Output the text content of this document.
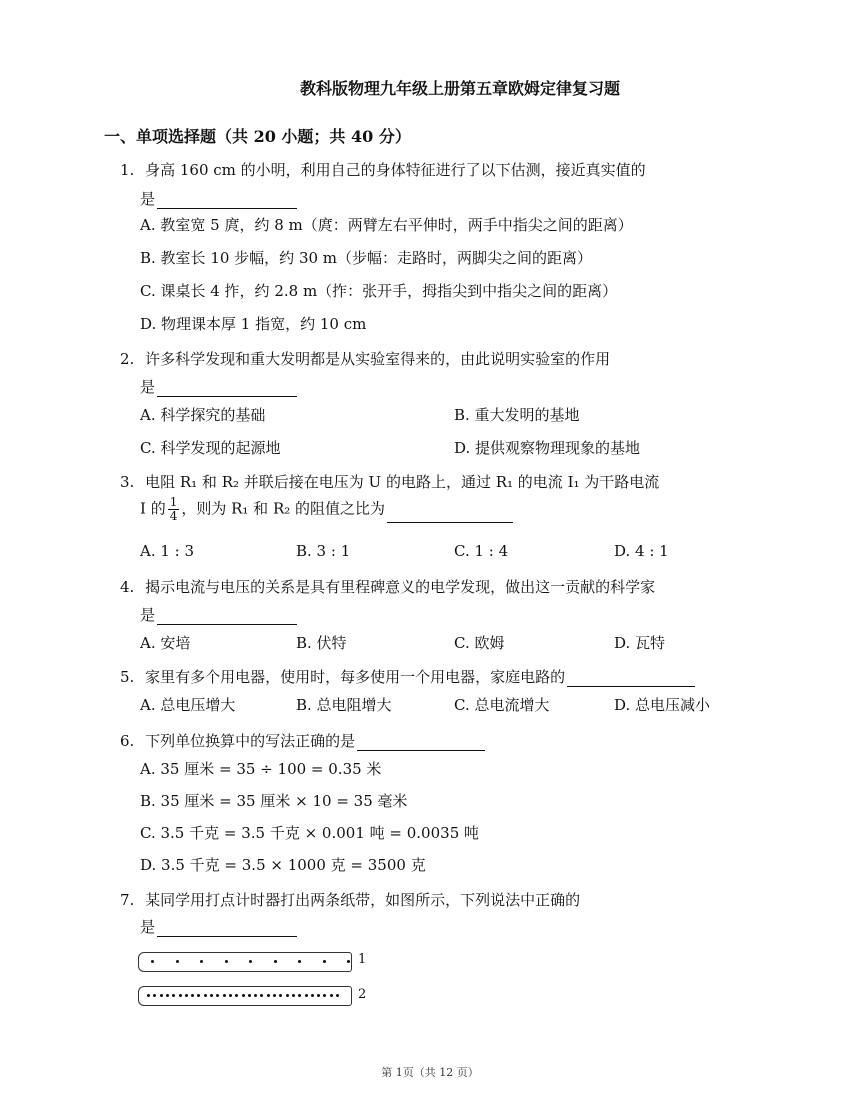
教科版物理九年级上册第五章欧姆定律复习题
一、单项选择题（共 20 小题；共 40 分）
1. 身高 160 cm 的小明，利用自己的身体特征进行了以下估测，接近真实值的
是
A. 教室宽 5 庹，约 8 m（庹：两臂左右平伸时，两手中指尖之间的距离）
B. 教室长 10 步幅，约 30 m（步幅：走路时，两脚尖之间的距离）
C. 课桌长 4 拃，约 2.8 m（拃：张开手，拇指尖到中指尖之间的距离）
D. 物理课本厚 1 指宽，约 10 cm
2. 许多科学发现和重大发明都是从实验室得来的，由此说明实验室的作用
是
A. 科学探究的基础	B. 重大发明的基地
C. 科学发现的起源地	D. 提供观察物理现象的基地
3. 电阻 R₁ 和 R₂ 并联后接在电压为 U 的电路上，通过 R₁ 的电流 I₁ 为干路电流
I 的 $\frac{1}{4}$ ，则为 R₁ 和 R₂ 的阻值之比为
A. 1 : 3	B. 3 : 1	C. 1 : 4	D. 4 : 1
4. 揭示电流与电压的关系是具有里程碑意义的电学发现，做出这一贡献的科学家
是
A. 安培	B. 伏特	C. 欧姆	D. 瓦特
5. 家里有多个用电器，使用时，每多使用一个用电器，家庭电路的
A. 总电压增大	B. 总电阻增大	C. 总电流增大	D. 总电压减小
6. 下列单位换算中的写法正确的是
A. 35 厘米 = 35 ÷ 100 = 0.35 米
B. 35 厘米 = 35 厘米 × 10 = 35 毫米
C. 3.5 千克 = 3.5 千克 × 0.001 吨 = 0.0035 吨
D. 3.5 千克 = 3.5 × 1000 克 = 3500 克
7. 某同学用打点计时器打出两条纸带，如图所示，下列说法中正确的
是
1
2
第 1页（共 12 页）
